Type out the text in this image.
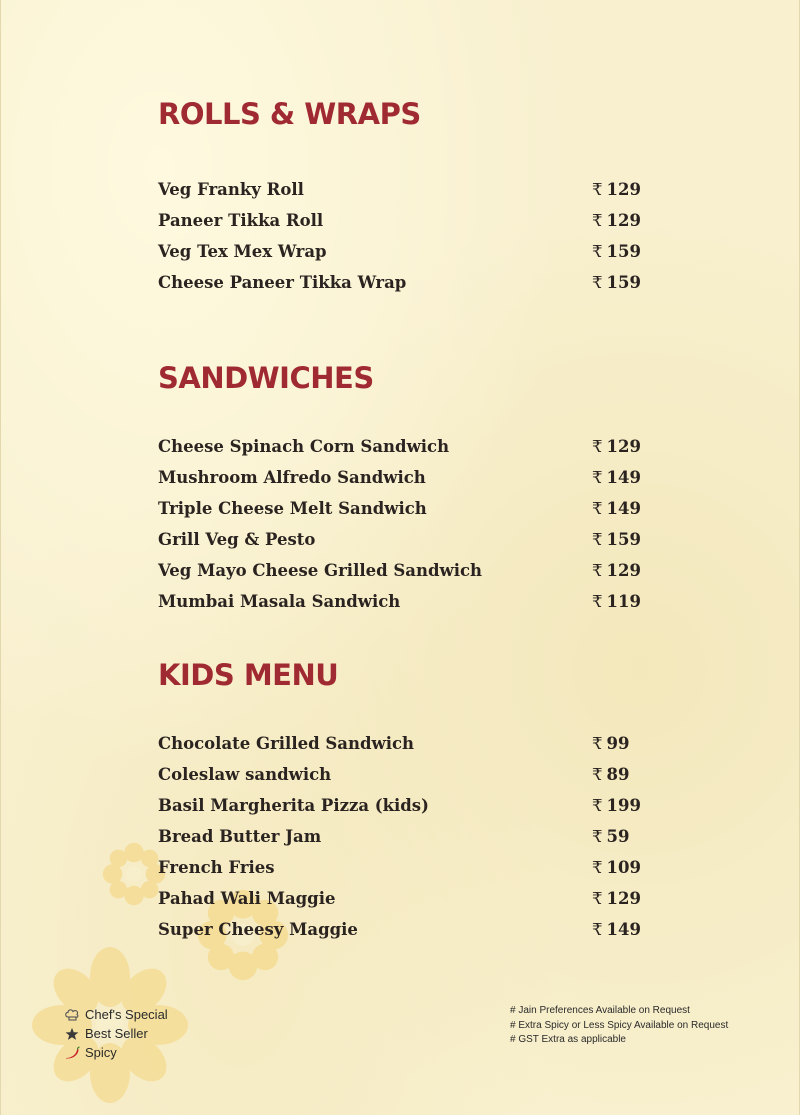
ROLLS & WRAPS
Veg Franky Roll	₹ 129
Paneer Tikka Roll	₹ 129
Veg Tex Mex Wrap	₹ 159
Cheese Paneer Tikka Wrap	₹ 159
SANDWICHES
Cheese Spinach Corn Sandwich	₹ 129
Mushroom Alfredo Sandwich	₹ 149
Triple Cheese Melt Sandwich	₹ 149
Grill Veg & Pesto	₹ 159
Veg Mayo Cheese Grilled Sandwich	₹ 129
Mumbai Masala Sandwich	₹ 119
KIDS MENU
Chocolate Grilled Sandwich	₹ 99
Coleslaw sandwich	₹ 89
Basil Margherita Pizza (kids)	₹ 199
Bread Butter Jam	₹ 59
French Fries	₹ 109
Pahad Wali Maggie	₹ 129
Super Cheesy Maggie	₹ 149
Chef's Special
Best Seller
Spicy
# Jain Preferences Available on Request
# Extra Spicy or Less Spicy Available on Request
# GST Extra as applicable
